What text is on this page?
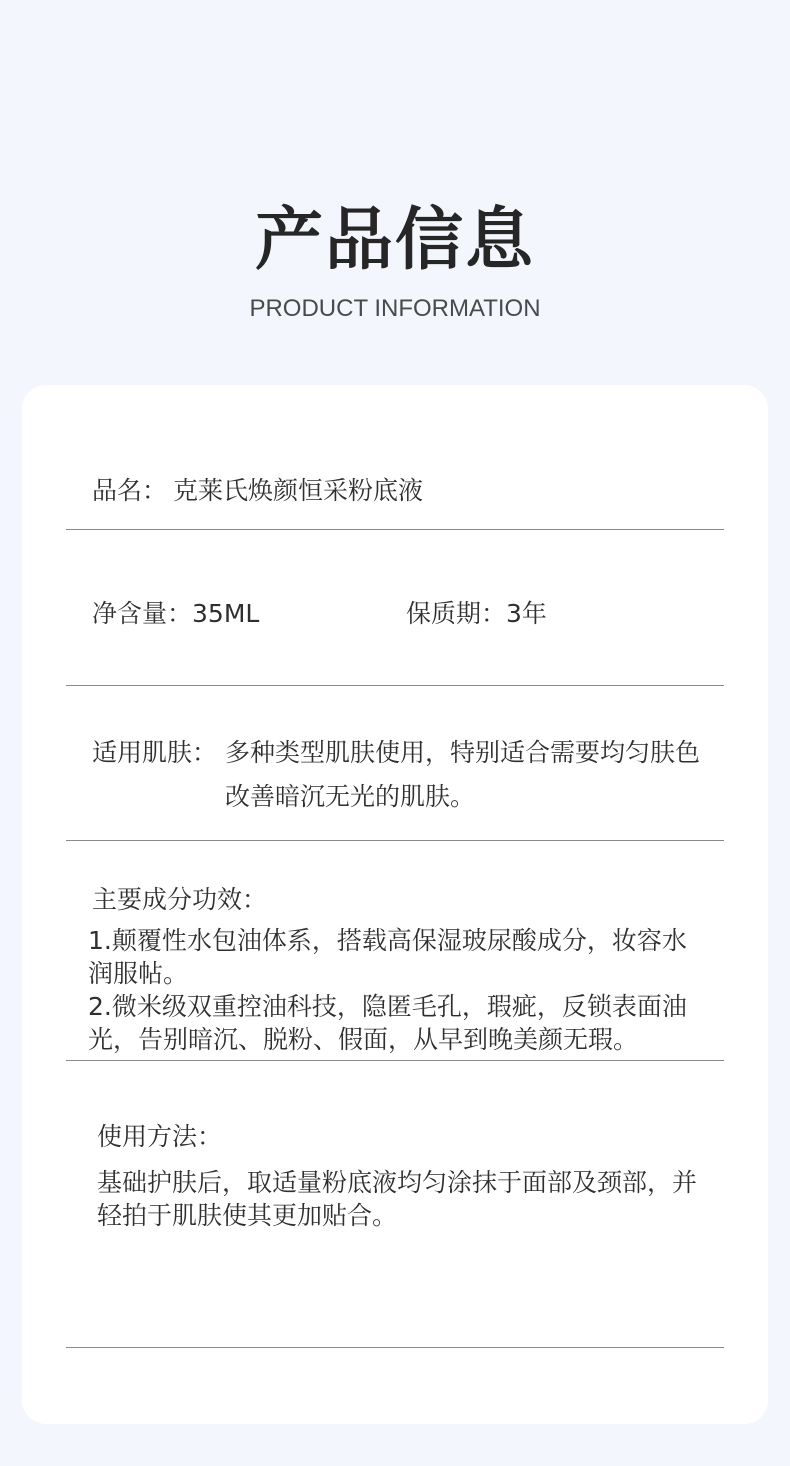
产品信息
PRODUCT INFORMATION
品名： 克莱氏焕颜恒采粉底液
净含量：35ML	保质期：3年
适用肌肤： 多种类型肌肤使用，特别适合需要均匀肤色
改善暗沉无光的肌肤。
主要成分功效：
1.颠覆性水包油体系，搭载高保湿玻尿酸成分，妆容水
润服帖。
2.微米级双重控油科技，隐匿毛孔，瑕疵，反锁表面油
光，告别暗沉、脱粉、假面，从早到晚美颜无瑕。
使用方法：
基础护肤后，取适量粉底液均匀涂抹于面部及颈部，并
轻拍于肌肤使其更加贴合。
